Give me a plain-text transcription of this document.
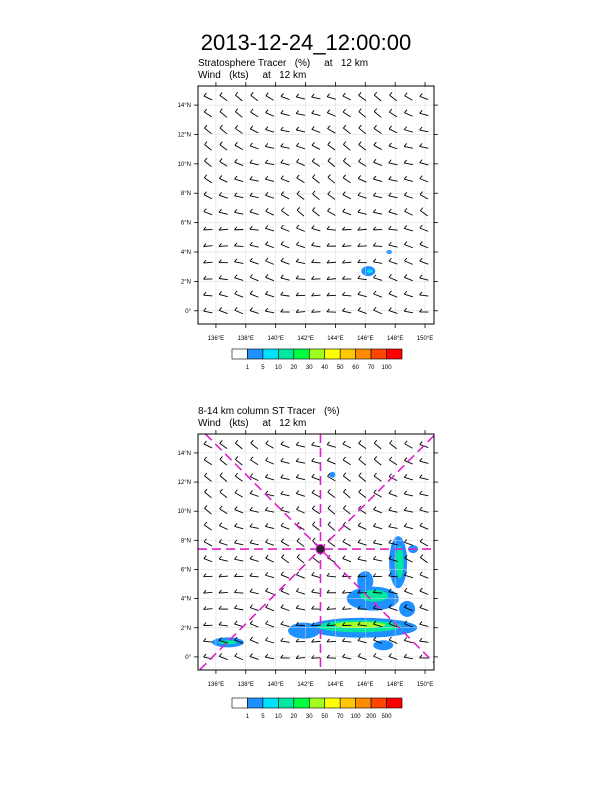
2013-12-24_12:00:00
Stratosphere Tracer   (%)     at   12 km
Wind   (kts)     at   12 km
136°E 138°E 140°E 142°E 144°E 146°E 148°E 150°E
0°
2°N
4°N
6°N
8°N
10°N
12°N
14°N
1 5 10 20 30 40 50 60 70 100
8-14 km column ST Tracer   (%)
Wind   (kts)     at   12 km
136°E 138°E 140°E 142°E 144°E 146°E 148°E 150°E
0°
2°N
4°N
6°N
8°N
10°N
12°N
14°N
1 5 10 20 30 50 70 100 200 500
